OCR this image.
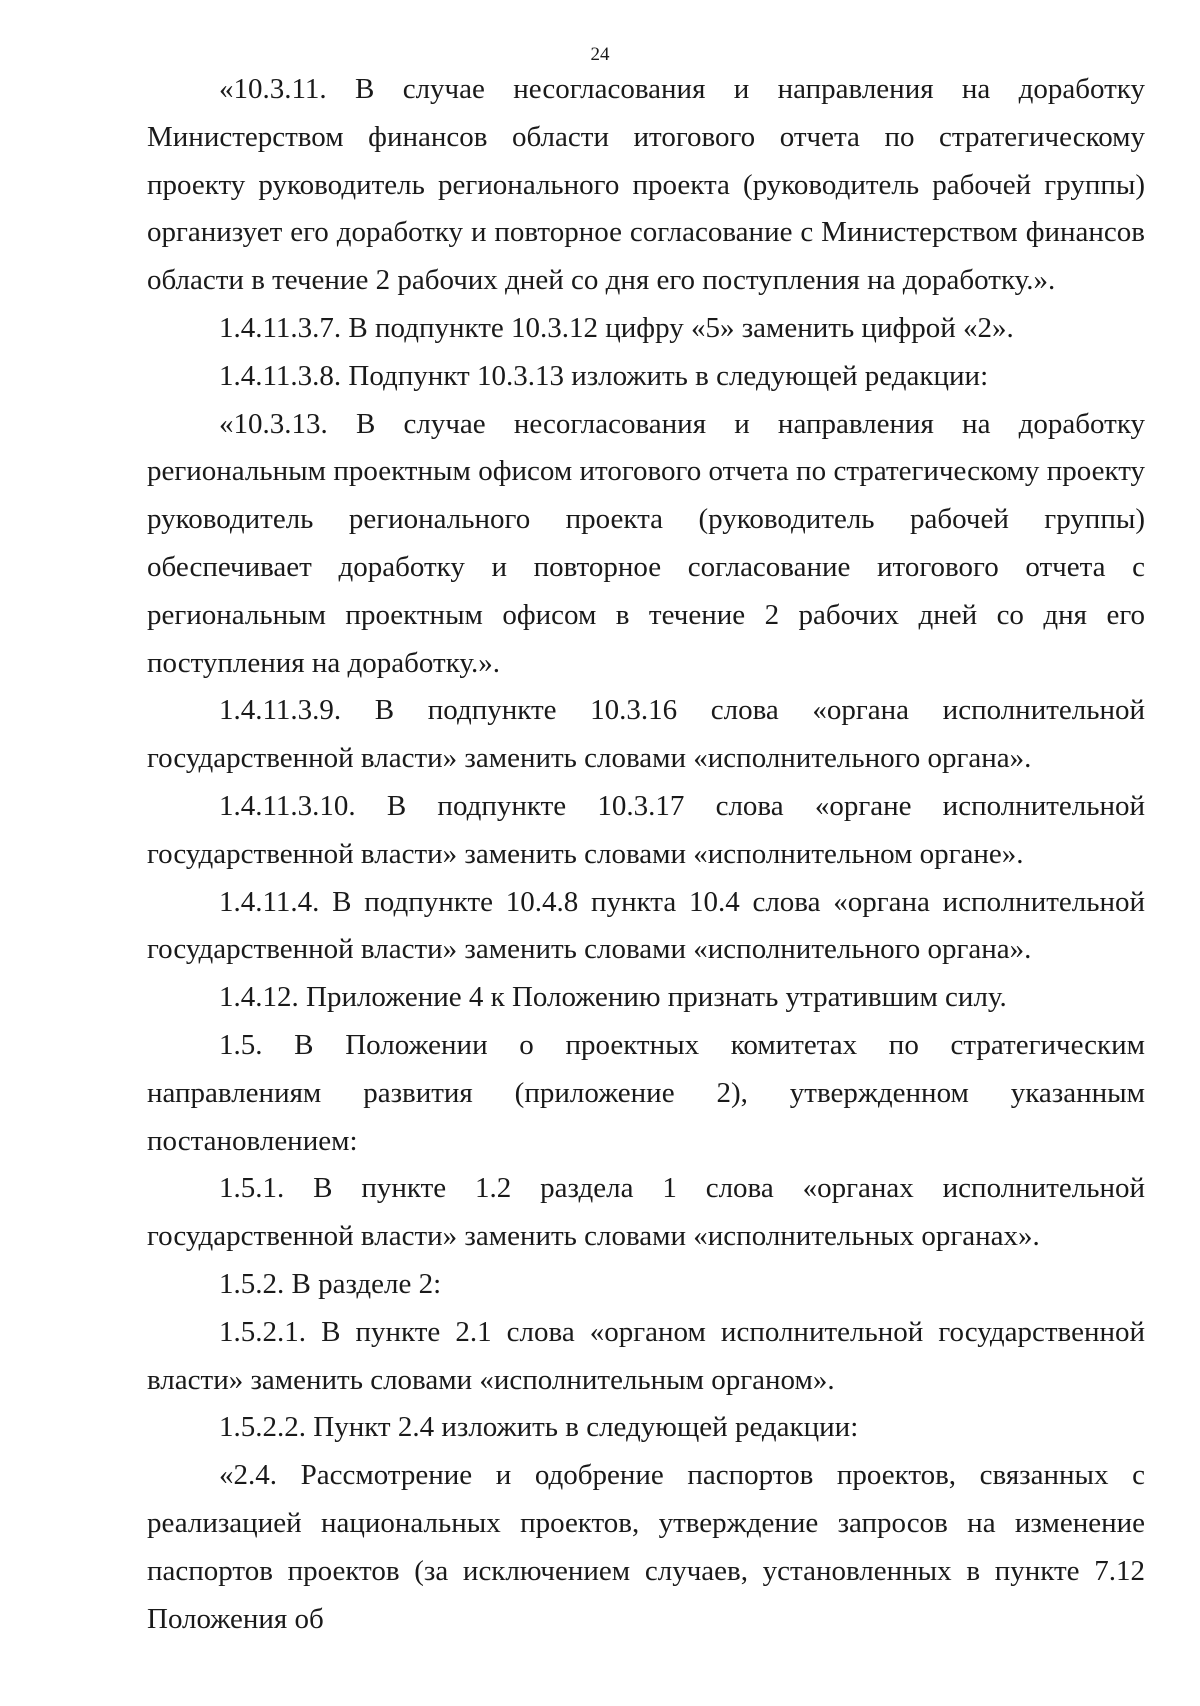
24

«10.3.11. В случае несогласования и направления на доработку Министерством финансов области итогового отчета по стратегическому проекту руководитель регионального проекта (руководитель рабочей группы) организует его доработку и повторное согласование с Министерством финансов области в течение 2 рабочих дней со дня его поступления на доработку.».

1.4.11.3.7. В подпункте 10.3.12 цифру «5» заменить цифрой «2».

1.4.11.3.8. Подпункт 10.3.13 изложить в следующей редакции:

«10.3.13. В случае несогласования и направления на доработку региональным проектным офисом итогового отчета по стратегическому проекту руководитель регионального проекта (руководитель рабочей группы) обеспечивает доработку и повторное согласование итогового отчета с региональным проектным офисом в течение 2 рабочих дней со дня его поступления на доработку.».

1.4.11.3.9. В подпункте 10.3.16 слова «органа исполнительной государственной власти» заменить словами «исполнительного органа».

1.4.11.3.10. В подпункте 10.3.17 слова «органе исполнительной государственной власти» заменить словами «исполнительном органе».

1.4.11.4. В подпункте 10.4.8 пункта 10.4 слова «органа исполнительной государственной власти» заменить словами «исполнительного органа».

1.4.12. Приложение 4 к Положению признать утратившим силу.

1.5. В Положении о проектных комитетах по стратегическим направлениям развития (приложение 2), утвержденном указанным постановлением:

1.5.1. В пункте 1.2 раздела 1 слова «органах исполнительной государственной власти» заменить словами «исполнительных органах».

1.5.2. В разделе 2:

1.5.2.1. В пункте 2.1 слова «органом исполнительной государственной власти» заменить словами «исполнительным органом».

1.5.2.2. Пункт 2.4 изложить в следующей редакции:

«2.4. Рассмотрение и одобрение паспортов проектов, связанных с реализацией национальных проектов, утверждение запросов на изменение паспортов проектов (за исключением случаев, установленных в пункте 7.12 Положения об
